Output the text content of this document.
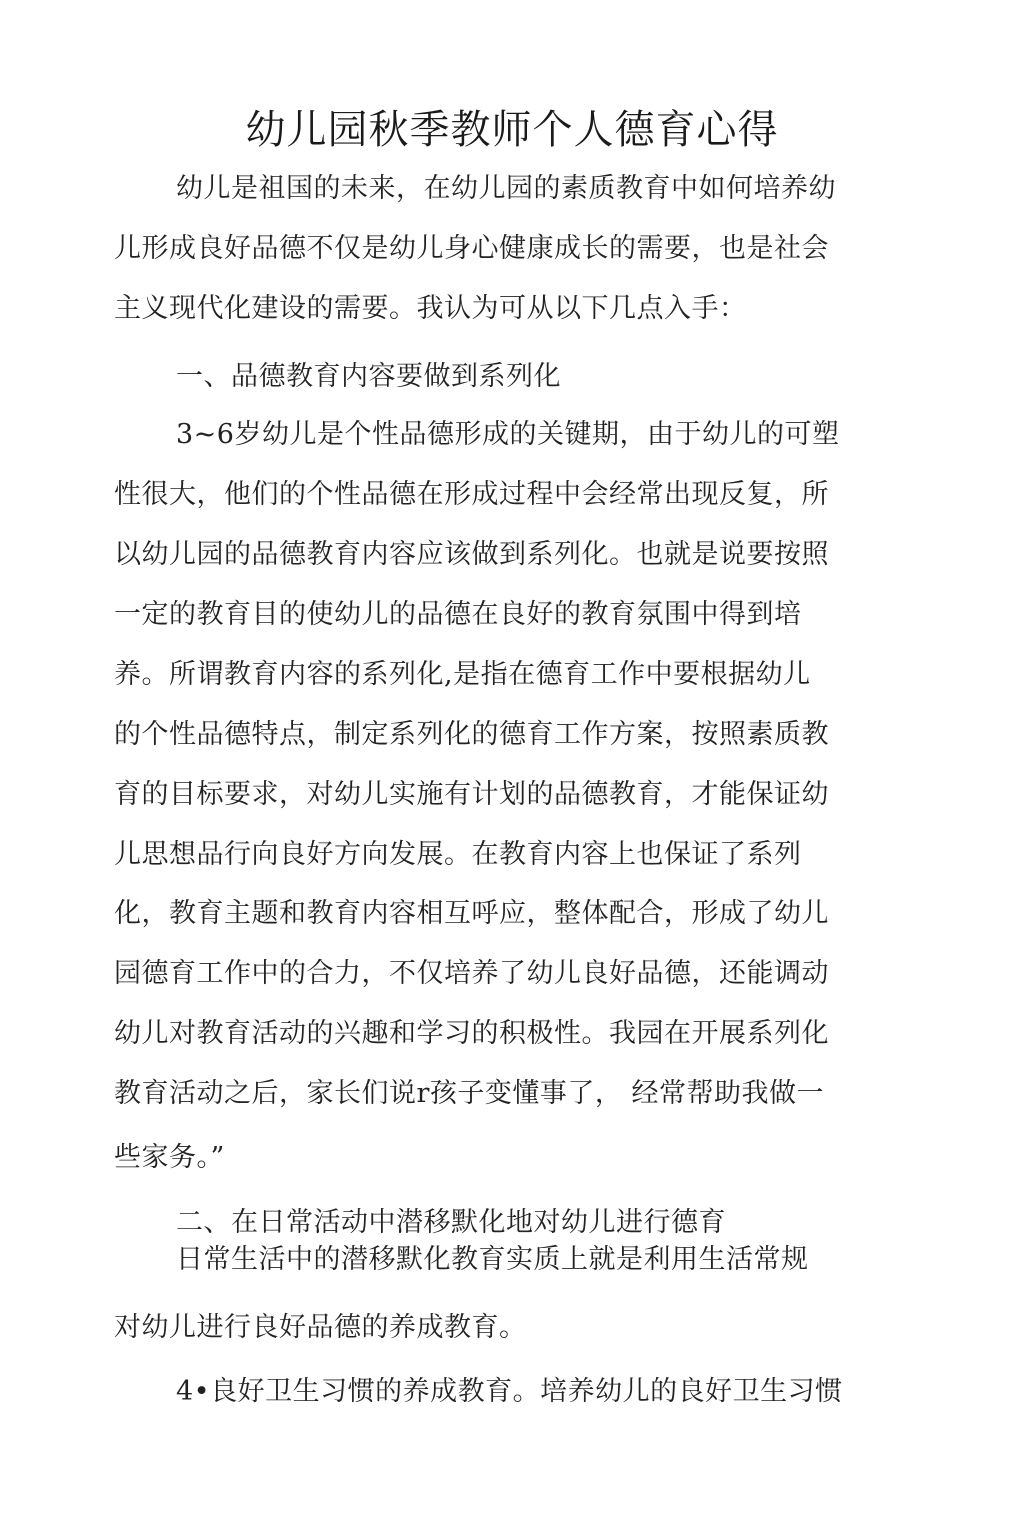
幼儿园秋季教师个人德育心得
幼儿是祖国的未来，在幼儿园的素质教育中如何培养幼
儿形成良好品德不仅是幼儿身心健康成长的需要，也是社会
主义现代化建设的需要。我认为可从以下几点入手：
一、品德教育内容要做到系列化
3~6岁幼儿是个性品德形成的关键期，由于幼儿的可塑
性很大，他们的个性品德在形成过程中会经常出现反复，所
以幼儿园的品德教育内容应该做到系列化。也就是说要按照
一定的教育目的使幼儿的品德在良好的教育氛围中得到培
养。所谓教育内容的系列化,是指在德育工作中要根据幼儿
的个性品德特点，制定系列化的德育工作方案，按照素质教
育的目标要求，对幼儿实施有计划的品德教育，才能保证幼
儿思想品行向良好方向发展。在教育内容上也保证了系列
化，教育主题和教育内容相互呼应，整体配合，形成了幼儿
园德育工作中的合力，不仅培养了幼儿良好品德，还能调动
幼儿对教育活动的兴趣和学习的积极性。我园在开展系列化
教育活动之后，家长们说r孩子变懂事了， 经常帮助我做一
些家务。”
二、在日常活动中潜移默化地对幼儿进行德育
日常生活中的潜移默化教育实质上就是利用生活常规
对幼儿进行良好品德的养成教育。
4•良好卫生习惯的养成教育。培养幼儿的良好卫生习惯
